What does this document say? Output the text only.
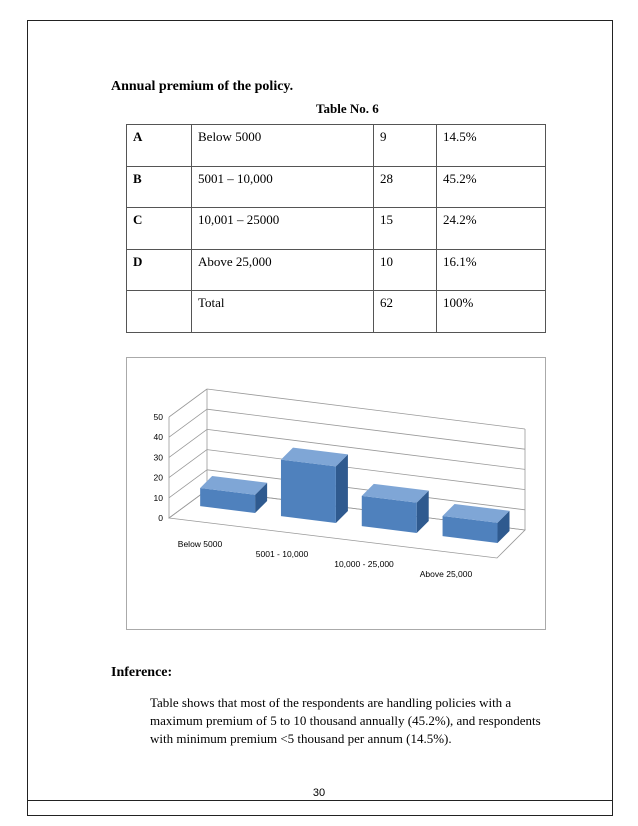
Annual premium of the policy.
Table No. 6
A	Below 5000	9	14.5%
B	5001 – 10,000	28	45.2%
C	10,001 – 25000	15	24.2%
D	Above 25,000	10	16.1%
	Total	62	100%
0
10
20
30
40
50
Below 5000
5001 - 10,000
10,000 - 25,000
Above 25,000
Inference:
Table shows that most of the respondents are handling policies with a maximum premium of 5 to 10 thousand annually (45.2%), and respondents with minimum premium <5 thousand per annum (14.5%).
30
